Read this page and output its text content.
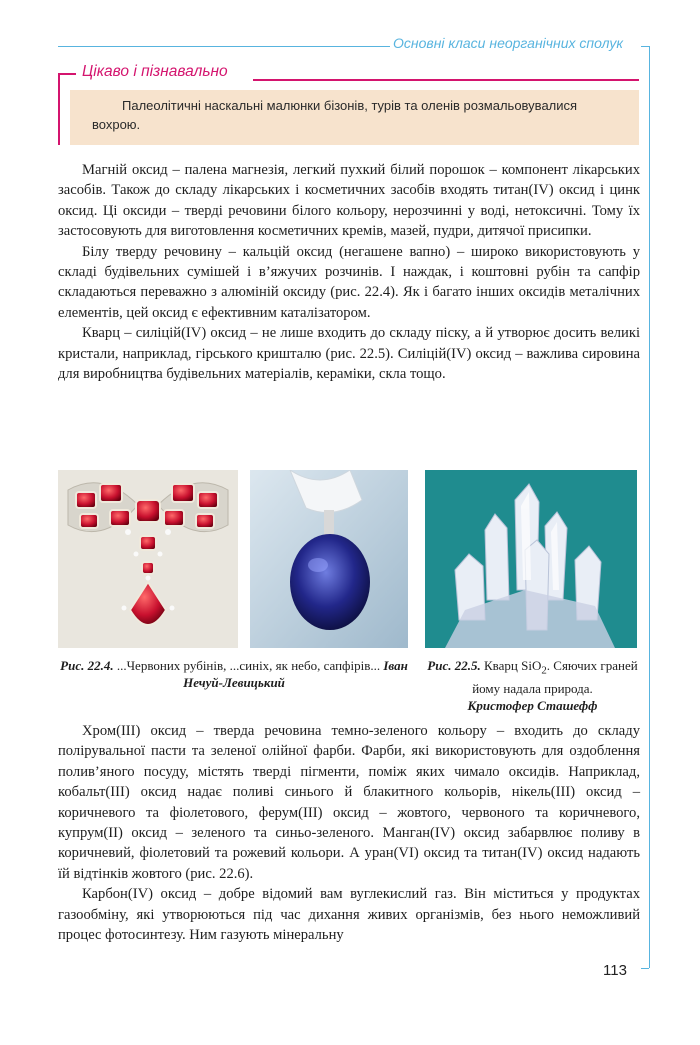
Основні класи неорганічних сполук
Цікаво і пізнавально
Палеолітичні наскальні малюнки бізонів, турів та оленів розмальовувалися вохрою.

Магній оксид – палена магнезія, легкий пухкий білий порошок – компонент лікарських засобів. Також до складу лікарських і косметичних засобів входять титан(IV) оксид і цинк оксид. Ці оксиди – тверді речовини білого кольору, нерозчинні у воді, нетоксичні. Тому їх застосовують для виготовлення косметичних кремів, мазей, пудри, дитячої присипки.

Білу тверду речовину – кальцій оксид (негашене вапно) – широко використовують у складі будівельних сумішей і в’яжучих розчинів. І наждак, і коштовні рубін та сапфір складаються переважно з алюміній оксиду (рис. 22.4). Як і багато інших оксидів металічних елементів, цей оксид є ефективним каталізатором.

Кварц – силіцій(IV) оксид – не лише входить до складу піску, а й утворює досить великі кристали, наприклад, гірського кришталю (рис. 22.5). Силіцій(IV) оксид – важлива сировина для виробництва будівельних матеріалів, кераміки, скла тощо.

Рис. 22.4. ...Червоних рубінів, ...синіх, як небо, сапфірів... Іван Нечуй-Левицький
Рис. 22.5. Кварц SiO$_2$. Сяючих граней йому надала природа.
Кристофер Сташефф

Хром(III) оксид – тверда речовина темно-зеленого кольору – входить до складу полірувальної пасти та зеленої олійної фарби. Фарби, які використовують для оздоблення полив’яного посуду, містять тверді пігменти, поміж яких чимало оксидів. Наприклад, кобальт(III) оксид надає поливі синього й блакитного кольорів, нікель(III) оксид – коричневого та фіолетового, ферум(III) оксид – жовтого, червоного та коричневого, купрум(II) оксид – зеленого та синьо-зеленого. Манган(IV) оксид забарвлює поливу в коричневий, фіолетовий та рожевий кольори. А уран(VI) оксид та титан(IV) оксид надають їй відтінків жовтого (рис. 22.6).

Карбон(IV) оксид – добре відомий вам вуглекислий газ. Він міститься у продуктах газообміну, які утворюються під час дихання живих організмів, без нього неможливий процес фотосинтезу. Ним газують мінеральну

113
